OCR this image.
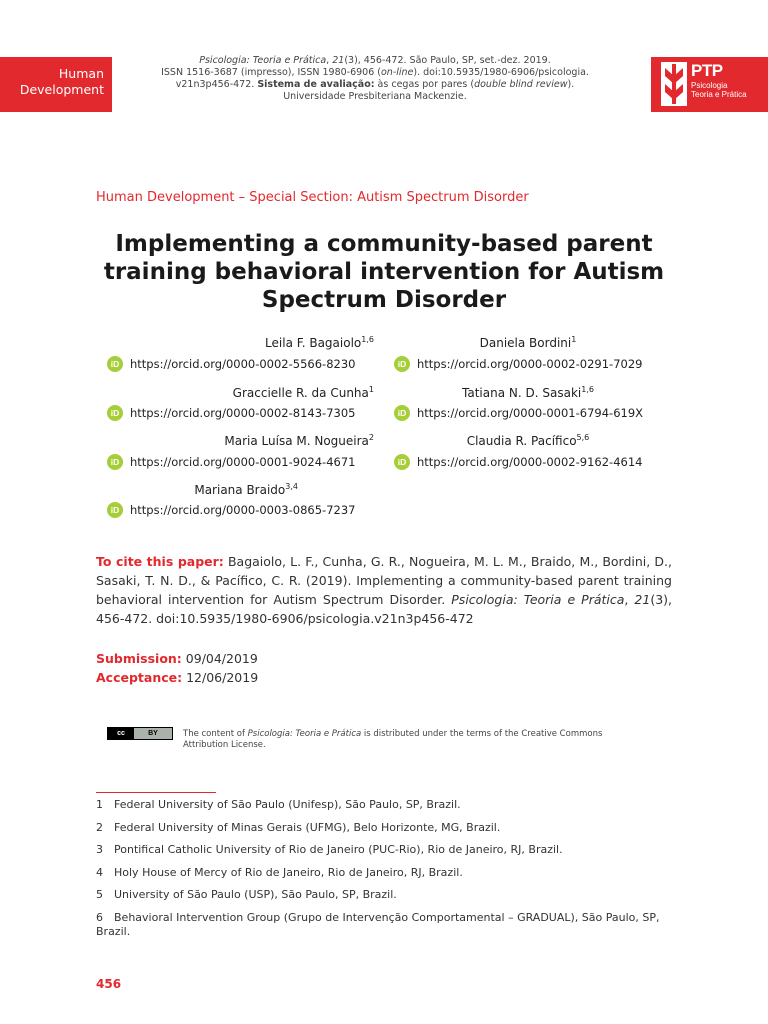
Human
Development
Psicologia: Teoria e Prática, 21(3), 456-472. São Paulo, SP, set.-dez. 2019.
ISSN 1516-3687 (impresso), ISSN 1980-6906 (on-line). doi:10.5935/1980-6906/psicologia.
v21n3p456-472. Sistema de avaliação: às cegas por pares (double blind review).
Universidade Presbiteriana Mackenzie.
PTP
Psicologia
Teoria e Prática
Human Development – Special Section: Autism Spectrum Disorder
Implementing a community-based parent training behavioral intervention for Autism Spectrum Disorder
Leila F. Bagaiolo$^{1,6}$
iD https://orcid.org/0000-0002-5566-8230
Graccielle R. da Cunha$^1$
iD https://orcid.org/0000-0002-8143-7305
Maria Luísa M. Nogueira$^2$
iD https://orcid.org/0000-0001-9024-4671
Mariana Braido$^{3,4}$
iD https://orcid.org/0000-0003-0865-7237
Daniela Bordini$^1$
iD https://orcid.org/0000-0002-0291-7029
Tatiana N. D. Sasaki$^{1,6}$
iD https://orcid.org/0000-0001-6794-619X
Claudia R. Pacífico$^{5,6}$
iD https://orcid.org/0000-0002-9162-4614
To cite this paper: Bagaiolo, L. F., Cunha, G. R., Nogueira, M. L. M., Braido, M., Bordini, D., Sasaki, T. N. D., & Pacífico, C. R. (2019). Implementing a community-based parent training behavioral intervention for Autism Spectrum Disorder. Psicologia: Teoria e Prática, 21(3), 456-472. doi:10.5935/1980-6906/psicologia.v21n3p456-472
Submission: 09/04/2019
Acceptance: 12/06/2019
cc	BY	The content of Psicologia: Teoria e Prática is distributed under the terms of the Creative Commons Attribution License.
1 Federal University of São Paulo (Unifesp), São Paulo, SP, Brazil.
2 Federal University of Minas Gerais (UFMG), Belo Horizonte, MG, Brazil.
3 Pontifical Catholic University of Rio de Janeiro (PUC-Rio), Rio de Janeiro, RJ, Brazil.
4 Holy House of Mercy of Rio de Janeiro, Rio de Janeiro, RJ, Brazil.
5 University of São Paulo (USP), São Paulo, SP, Brazil.
6 Behavioral Intervention Group (Grupo de Intervenção Comportamental – GRADUAL), São Paulo, SP, Brazil.
456
